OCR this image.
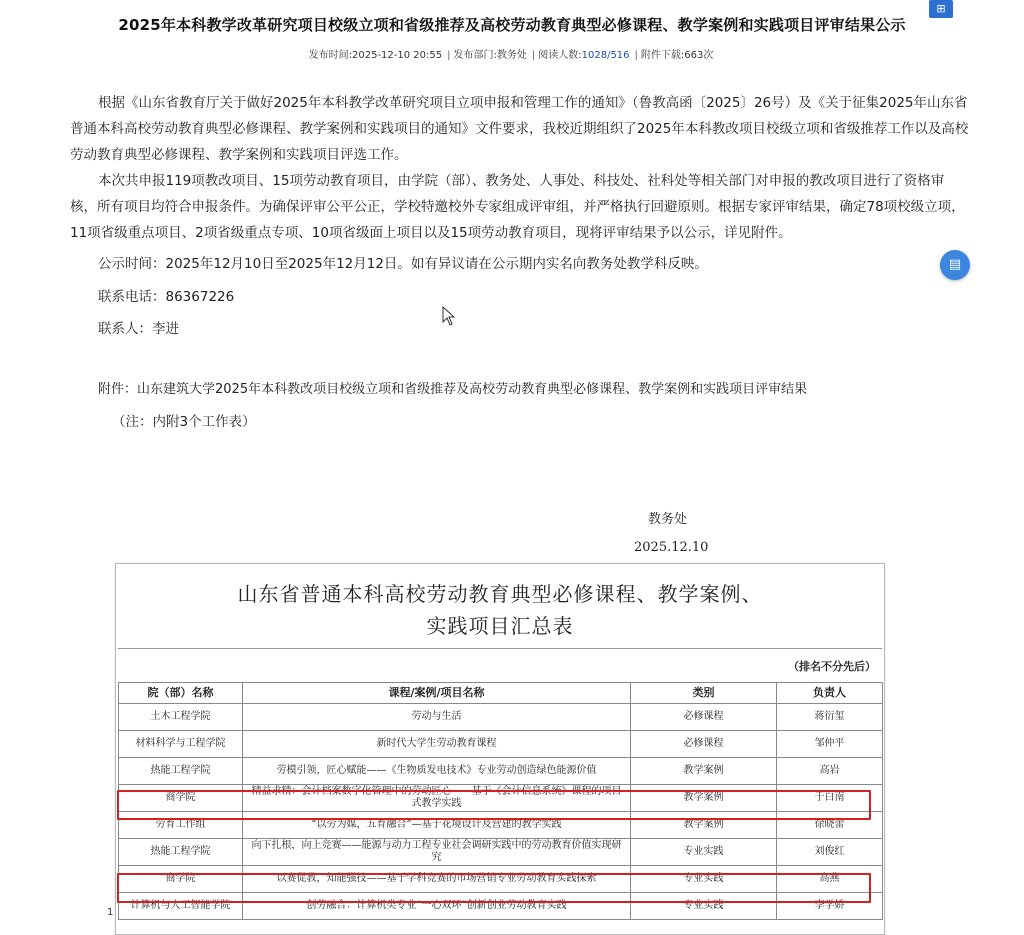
⊞
2025年本科教学改革研究项目校级立项和省级推荐及高校劳动教育典型必修课程、教学案例和实践项目评审结果公示
发布时间:2025-12-10 20:55 | 发布部门:教务处 | 阅读人数:1028/516 | 附件下载:663次
▤

根据《山东省教育厅关于做好2025年本科教学改革研究项目立项申报和管理工作的通知》（鲁教高函〔2025〕26号）及《关于征集2025年山东省普通本科高校劳动教育典型必修课程、教学案例和实践项目的通知》文件要求，我校近期组织了2025年本科教改项目校级立项和省级推荐工作以及高校劳动教育典型必修课程、教学案例和实践项目评选工作。

本次共申报119项教改项目、15项劳动教育项目，由学院（部）、教务处、人事处、科技处、社科处等相关部门对申报的教改项目进行了资格审核，所有项目均符合申报条件。为确保评审公平公正，学校特邀校外专家组成评审组，并严格执行回避原则。根据专家评审结果，确定78项校级立项，11项省级重点项目、2项省级重点专项、10项省级面上项目以及15项劳动教育项目，现将评审结果予以公示，详见附件。

公示时间：2025年12月10日至2025年12月12日。如有异议请在公示期内实名向教务处教学科反映。
联系电话：86367226
联系人：李进
附件：山东建筑大学2025年本科教改项目校级立项和省级推荐及高校劳动教育典型必修课程、教学案例和实践项目评审结果
（注：内附3个工作表）
教务处
2025.12.10
山东省普通本科高校劳动教育典型必修课程、教学案例、
实践项目汇总表
（排名不分先后）
院（部）名称	课程/案例/项目名称	类别	负责人
土木工程学院	劳动与生活	必修课程	蒋衍玺
材料科学与工程学院	新时代大学生劳动教育课程	必修课程	邹仲平
热能工程学院	劳模引领，匠心赋能——《生物质发电技术》专业劳动创造绿色能源价值	教学案例	高岩
商学院	精益求精：会计档案数字化管理中的劳动匠心——基于《会计信息系统》课程的项目式教学实践	教学案例	于白南
劳育工作组	“以劳为媒，五育融合”—基于花境设计及营建的教学实践	教学案例	徐晓蕾
热能工程学院	向下扎根，向上竞赛——能源与动力工程专业社会调研实践中的劳动教育价值实现研究	专业实践	刘俊红
商学院	以赛促教，知能强技——基于学科竞赛的市场营销专业劳动教育实践探索	专业实践	高燕
计算机与人工智能学院	创劳融合：计算机类专业“一心双环”创新创业劳动教育实践	专业实践	李学娇
1
